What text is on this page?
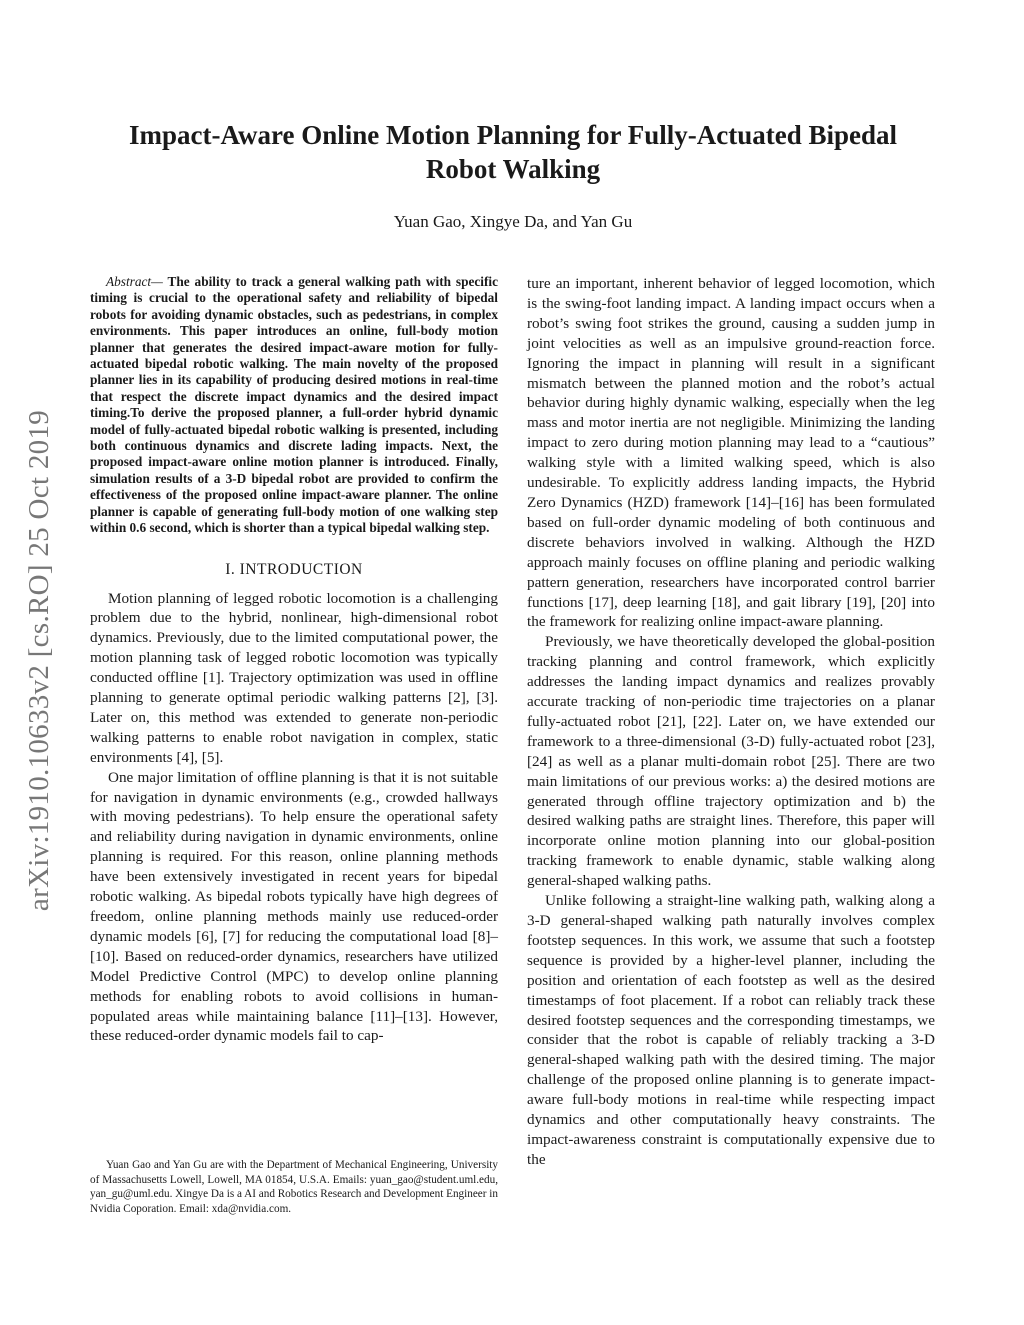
arXiv:1910.10633v2 [cs.RO] 25 Oct 2019
Impact-Aware Online Motion Planning for Fully-Actuated Bipedal Robot Walking
Yuan Gao, Xingye Da, and Yan Gu

Abstract— The ability to track a general walking path with specific timing is crucial to the operational safety and reliability of bipedal robots for avoiding dynamic obstacles, such as pedestrians, in complex environments. This paper introduces an online, full-body motion planner that generates the desired impact-aware motion for fully-actuated bipedal robotic walking. The main novelty of the proposed planner lies in its capability of producing desired motions in real-time that respect the discrete impact dynamics and the desired impact timing.To derive the proposed planner, a full-order hybrid dynamic model of fully-actuated bipedal robotic walking is presented, including both continuous dynamics and discrete lading impacts. Next, the proposed impact-aware online motion planner is introduced. Finally, simulation results of a 3-D bipedal robot are provided to confirm the effectiveness of the proposed online impact-aware planner. The online planner is capable of generating full-body motion of one walking step within 0.6 second, which is shorter than a typical bipedal walking step.

I. INTRODUCTION

Motion planning of legged robotic locomotion is a challenging problem due to the hybrid, nonlinear, high-dimensional robot dynamics. Previously, due to the limited computational power, the motion planning task of legged robotic locomotion was typically conducted offline [1]. Trajectory optimization was used in offline planning to generate optimal periodic walking patterns [2], [3]. Later on, this method was extended to generate non-periodic walking patterns to enable robot navigation in complex, static environments [4], [5].

One major limitation of offline planning is that it is not suitable for navigation in dynamic environments (e.g., crowded hallways with moving pedestrians). To help ensure the operational safety and reliability during navigation in dynamic environments, online planning is required. For this reason, online planning methods have been extensively investigated in recent years for bipedal robotic walking. As bipedal robots typically have high degrees of freedom, online planning methods mainly use reduced-order dynamic models [6], [7] for reducing the computational load [8]–[10]. Based on reduced-order dynamics, researchers have utilized Model Predictive Control (MPC) to develop online planning methods for enabling robots to avoid collisions in human-populated areas while maintaining balance [11]–[13]. However, these reduced-order dynamic models fail to cap-

ture an important, inherent behavior of legged locomotion, which is the swing-foot landing impact. A landing impact occurs when a robot’s swing foot strikes the ground, causing a sudden jump in joint velocities as well as an impulsive ground-reaction force. Ignoring the impact in planning will result in a significant mismatch between the planned motion and the robot’s actual behavior during highly dynamic walking, especially when the leg mass and motor inertia are not negligible. Minimizing the landing impact to zero during motion planning may lead to a “cautious” walking style with a limited walking speed, which is also undesirable. To explicitly address landing impacts, the Hybrid Zero Dynamics (HZD) framework [14]–[16] has been formulated based on full-order dynamic modeling of both continuous and discrete behaviors involved in walking. Although the HZD approach mainly focuses on offline planing and periodic walking pattern generation, researchers have incorporated control barrier functions [17], deep learning [18], and gait library [19], [20] into the framework for realizing online impact-aware planning.

Previously, we have theoretically developed the global-position tracking planning and control framework, which explicitly addresses the landing impact dynamics and realizes provably accurate tracking of non-periodic time trajectories on a planar fully-actuated robot [21], [22]. Later on, we have extended our framework to a three-dimensional (3-D) fully-actuated robot [23], [24] as well as a planar multi-domain robot [25]. There are two main limitations of our previous works: a) the desired motions are generated through offline trajectory optimization and b) the desired walking paths are straight lines. Therefore, this paper will incorporate online motion planning into our global-position tracking framework to enable dynamic, stable walking along general-shaped walking paths.

Unlike following a straight-line walking path, walking along a 3-D general-shaped walking path naturally involves complex footstep sequences. In this work, we assume that such a footstep sequence is provided by a higher-level planner, including the position and orientation of each footstep as well as the desired timestamps of foot placement. If a robot can reliably track these desired footstep sequences and the corresponding timestamps, we consider that the robot is capable of reliably tracking a 3-D general-shaped walking path with the desired timing. The major challenge of the proposed online planning is to generate impact-aware full-body motions in real-time while respecting impact dynamics and other computationally heavy constraints. The impact-awareness constraint is computationally expensive due to the

Yuan Gao and Yan Gu are with the Department of Mechanical Engineering, University of Massachusetts Lowell, Lowell, MA 01854, U.S.A. Emails: yuan_gao@student.uml.edu, yan_gu@uml.edu. Xingye Da is a AI and Robotics Research and Development Engineer in Nvidia Coporation. Email: xda@nvidia.com.
